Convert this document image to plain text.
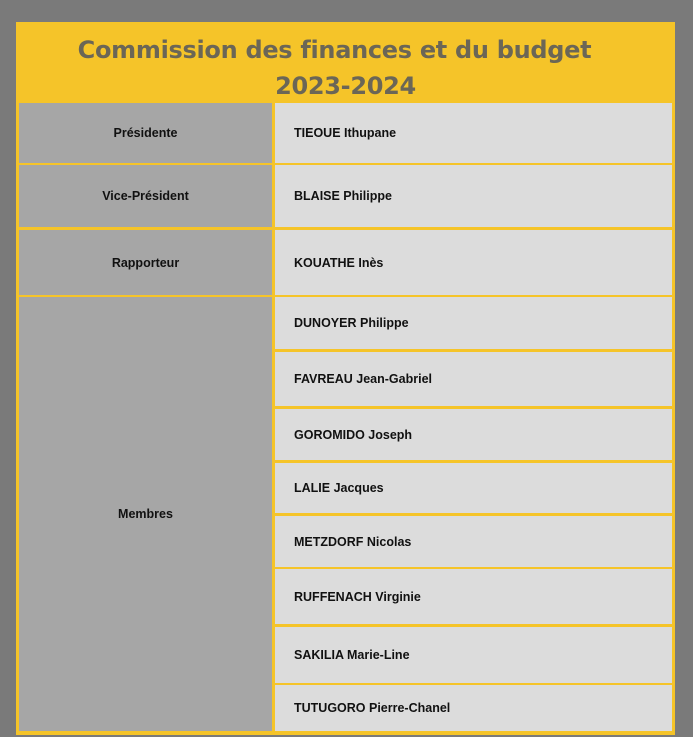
Commission des finances et du budget
2023-2024
Présidente
Vice-Président
Rapporteur
Membres
TIEOUE Ithupane
BLAISE Philippe
KOUATHE Inès
DUNOYER Philippe
FAVREAU Jean-Gabriel
GOROMIDO Joseph
LALIE Jacques
METZDORF Nicolas
RUFFENACH Virginie
SAKILIA Marie-Line
TUTUGORO Pierre-Chanel
